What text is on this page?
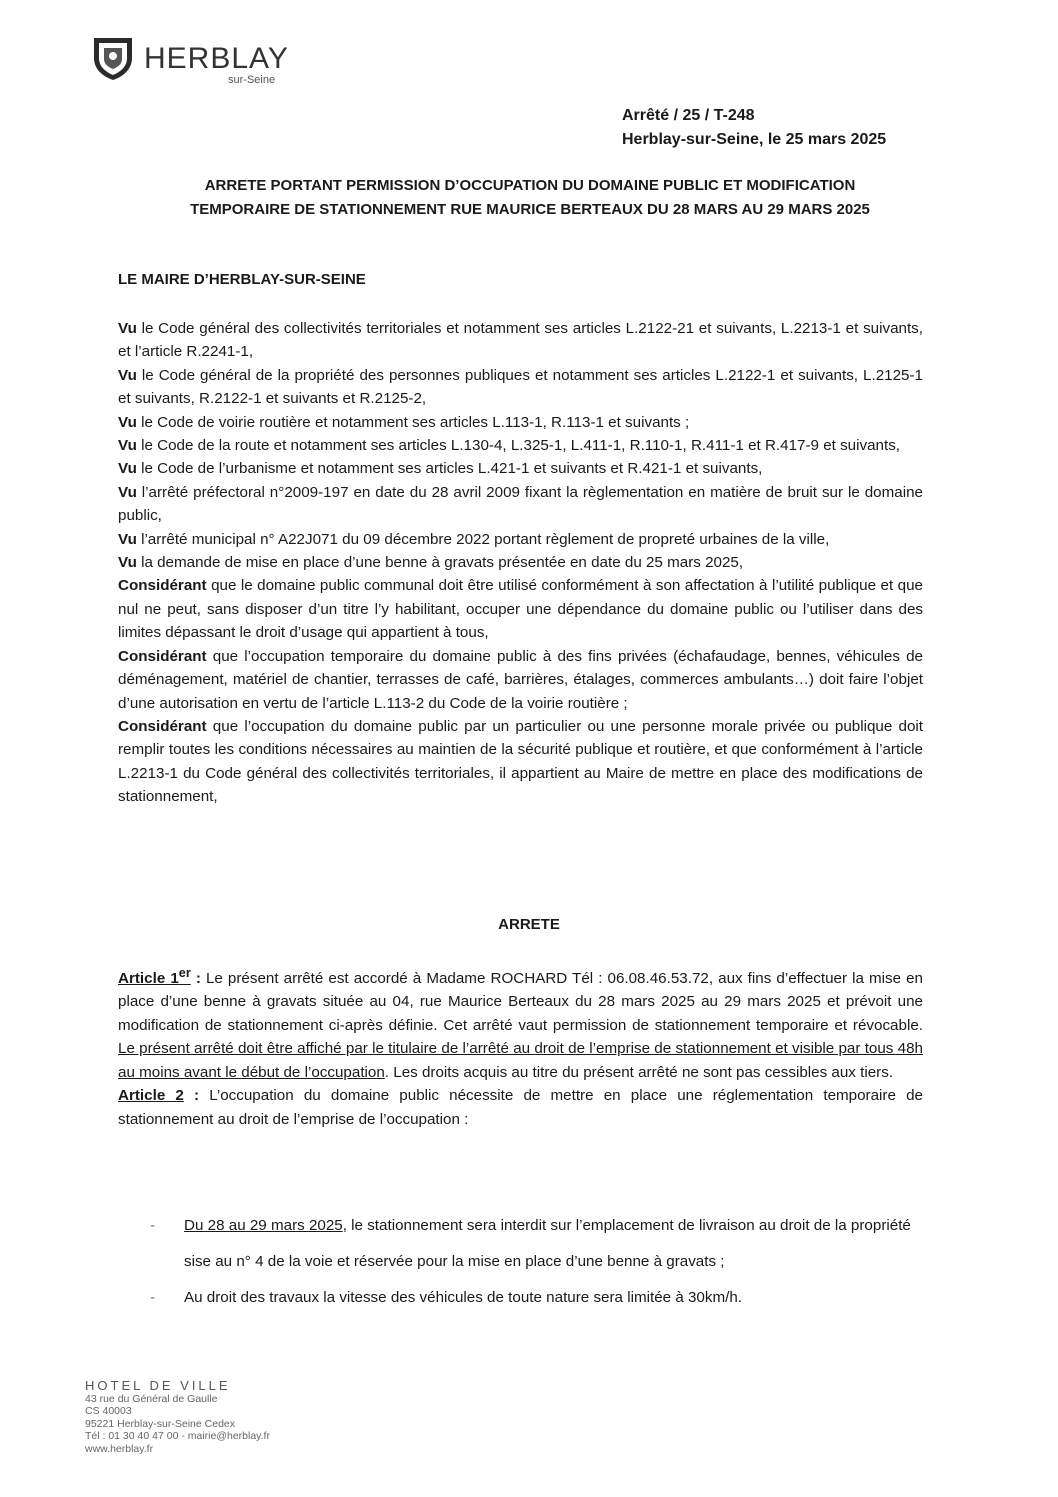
HERBLAY
sur-Seine
Arrêté / 25 / T-248
Herblay-sur-Seine, le 25 mars 2025
ARRETE PORTANT PERMISSION D’OCCUPATION DU DOMAINE PUBLIC ET MODIFICATION
TEMPORAIRE DE STATIONNEMENT RUE MAURICE BERTEAUX DU 28 MARS AU 29 MARS 2025
LE MAIRE D’HERBLAY-SUR-SEINE

Vu le Code général des collectivités territoriales et notamment ses articles L.2122-21 et suivants, L.2213-1 et suivants, et l’article R.2241-1,

Vu le Code général de la propriété des personnes publiques et notamment ses articles L.2122-1 et suivants, L.2125-1 et suivants, R.2122-1 et suivants et R.2125-2,

Vu le Code de voirie routière et notamment ses articles L.113-1, R.113-1 et suivants ;

Vu le Code de la route et notamment ses articles L.130-4, L.325-1, L.411-1, R.110-1, R.411-1 et R.417-9 et suivants,

Vu le Code de l’urbanisme et notamment ses articles L.421-1 et suivants et R.421-1 et suivants,

Vu l’arrêté préfectoral n°2009-197 en date du 28 avril 2009 fixant la règlementation en matière de bruit sur le domaine public,

Vu l’arrêté municipal n° A22J071 du 09 décembre 2022 portant règlement de propreté urbaines de la ville,

Vu la demande de mise en place d’une benne à gravats présentée en date du 25 mars 2025,

Considérant que le domaine public communal doit être utilisé conformément à son affectation à l’utilité publique et que nul ne peut, sans disposer d’un titre l’y habilitant, occuper une dépendance du domaine public ou l’utiliser dans des limites dépassant le droit d’usage qui appartient à tous,

Considérant que l’occupation temporaire du domaine public à des fins privées (échafaudage, bennes, véhicules de déménagement, matériel de chantier, terrasses de café, barrières, étalages, commerces ambulants…) doit faire l’objet d’une autorisation en vertu de l’article L.113-2 du Code de la voirie routière ;

Considérant que l’occupation du domaine public par un particulier ou une personne morale privée ou publique doit remplir toutes les conditions nécessaires au maintien de la sécurité publique et routière, et que conformément à l’article L.2213-1 du Code général des collectivités territoriales, il appartient au Maire de mettre en place des modifications de stationnement,

ARRETE

Article 1er : Le présent arrêté est accordé à Madame ROCHARD Tél : 06.08.46.53.72, aux fins d’effectuer la mise en place d’une benne à gravats située au 04, rue Maurice Berteaux du 28 mars 2025 au 29 mars 2025 et prévoit une modification de stationnement ci-après définie. Cet arrêté vaut permission de stationnement temporaire et révocable. Le présent arrêté doit être affiché par le titulaire de l’arrêté au droit de l’emprise de stationnement et visible par tous 48h au moins avant le début de l’occupation. Les droits acquis au titre du présent arrêté ne sont pas cessibles aux tiers.

Article 2 : L’occupation du domaine public nécessite de mettre en place une réglementation temporaire de stationnement au droit de l’emprise de l’occupation :

- Du 28 au 29 mars 2025, le stationnement sera interdit sur l’emplacement de livraison au droit de la propriété sise au n° 4 de la voie et réservée pour la mise en place d’une benne à gravats ;
- Au droit des travaux la vitesse des véhicules de toute nature sera limitée à 30km/h.
HOTEL DE VILLE
43 rue du Général de Gaulle
CS 40003
95221 Herblay-sur-Seine Cedex
Tél : 01 30 40 47 00 - mairie@herblay.fr
www.herblay.fr
